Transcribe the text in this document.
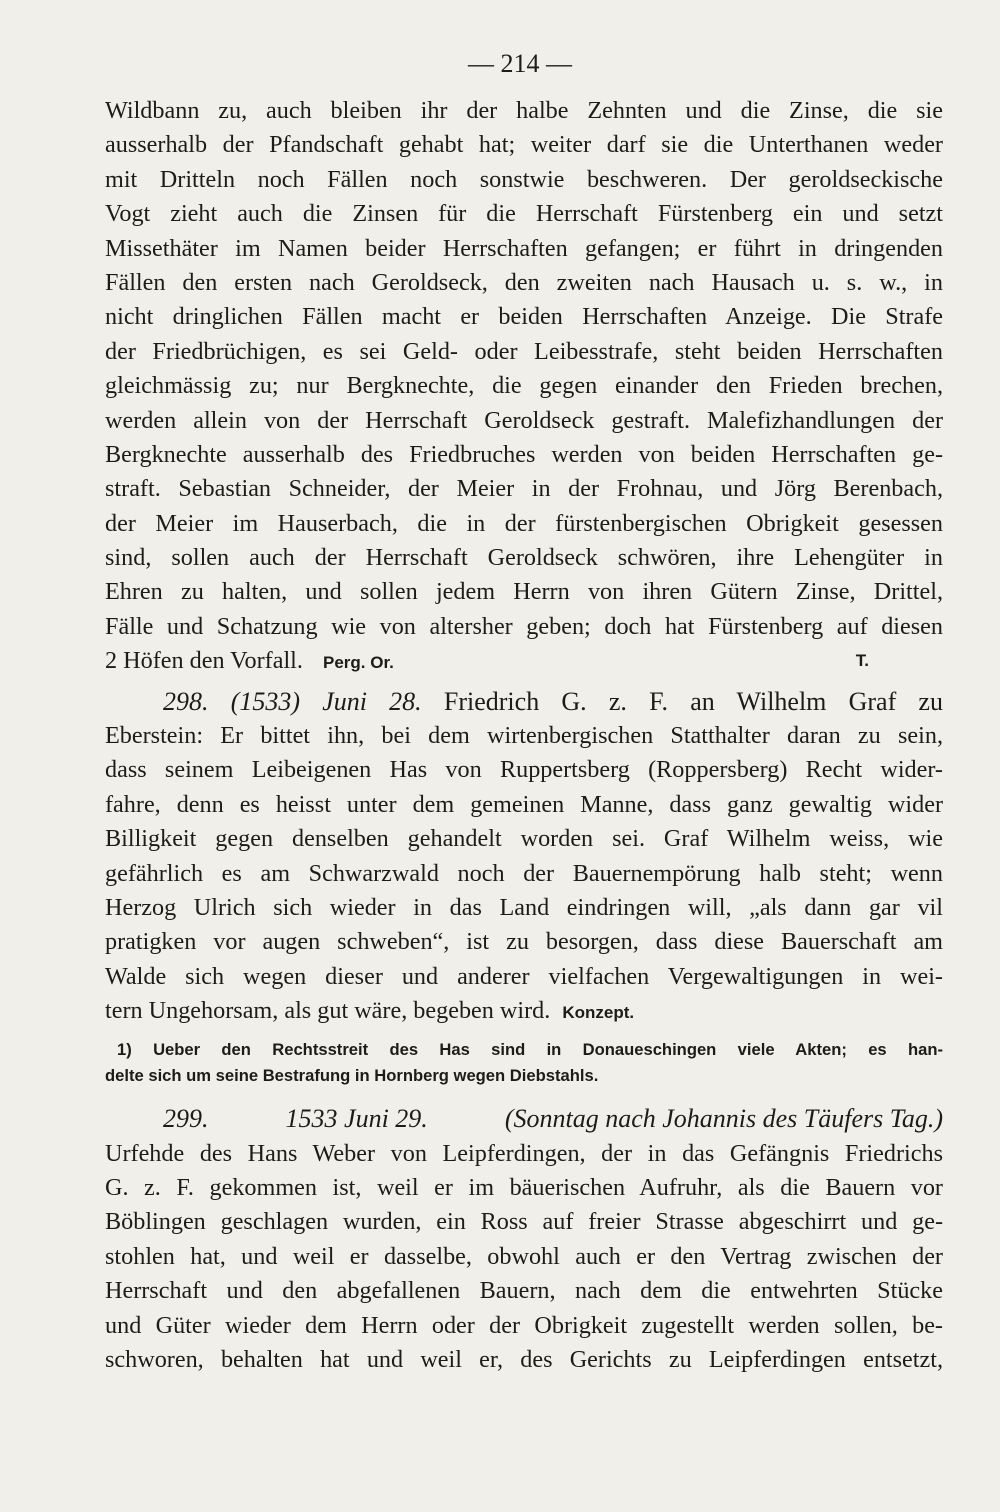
— 214 —
Wildbann zu, auch bleiben ihr der halbe Zehnten und die Zinse, die sie
ausserhalb der Pfandschaft gehabt hat; weiter darf sie die Unterthanen weder
mit Dritteln noch Fällen noch sonstwie beschweren. Der geroldseckische
Vogt zieht auch die Zinsen für die Herrschaft Fürstenberg ein und setzt
Missethäter im Namen beider Herrschaften gefangen; er führt in dringenden
Fällen den ersten nach Geroldseck, den zweiten nach Hausach u. s. w., in
nicht dringlichen Fällen macht er beiden Herrschaften Anzeige. Die Strafe
der Friedbrüchigen, es sei Geld- oder Leibesstrafe, steht beiden Herrschaften
gleichmässig zu; nur Bergknechte, die gegen einander den Frieden brechen,
werden allein von der Herrschaft Geroldseck gestraft. Malefizhandlungen der
Bergknechte ausserhalb des Friedbruches werden von beiden Herrschaften ge-
straft. Sebastian Schneider, der Meier in der Frohnau, und Jörg Berenbach,
der Meier im Hauserbach, die in der fürstenbergischen Obrigkeit gesessen
sind, sollen auch der Herrschaft Geroldseck schwören, ihre Lehengüter in
Ehren zu halten, und sollen jedem Herrn von ihren Gütern Zinse, Drittel,
Fälle und Schatzung wie von altersher geben; doch hat Fürstenberg auf diesen
2 Höfen den Vorfall. Perg. Or.	T.
298. (1533) Juni 28. Friedrich G. z. F. an Wilhelm Graf zu
Eberstein: Er bittet ihn, bei dem wirtenbergischen Statthalter daran zu sein,
dass seinem Leibeigenen Has von Ruppertsberg (Roppersberg) Recht wider-
fahre, denn es heisst unter dem gemeinen Manne, dass ganz gewaltig wider
Billigkeit gegen denselben gehandelt worden sei. Graf Wilhelm weiss, wie
gefährlich es am Schwarzwald noch der Bauernempörung halb steht; wenn
Herzog Ulrich sich wieder in das Land eindringen will, „als dann gar vil
pratigken vor augen schweben“, ist zu besorgen, dass diese Bauerschaft am
Walde sich wegen dieser und anderer vielfachen Vergewaltigungen in wei-
tern Ungehorsam, als gut wäre, begeben wird. Konzept.
1) Ueber den Rechtsstreit des Has sind in Donaueschingen viele Akten; es han-
delte sich um seine Bestrafung in Hornberg wegen Diebstahls.
299.	1533 Juni 29.	(Sonntag nach Johannis des Täufers Tag.)
Urfehde des Hans Weber von Leipferdingen, der in das Gefängnis Friedrichs
G. z. F. gekommen ist, weil er im bäuerischen Aufruhr, als die Bauern vor
Böblingen geschlagen wurden, ein Ross auf freier Strasse abgeschirrt und ge-
stohlen hat, und weil er dasselbe, obwohl auch er den Vertrag zwischen der
Herrschaft und den abgefallenen Bauern, nach dem die entwehrten Stücke
und Güter wieder dem Herrn oder der Obrigkeit zugestellt werden sollen, be-
schworen, behalten hat und weil er, des Gerichts zu Leipferdingen entsetzt,
